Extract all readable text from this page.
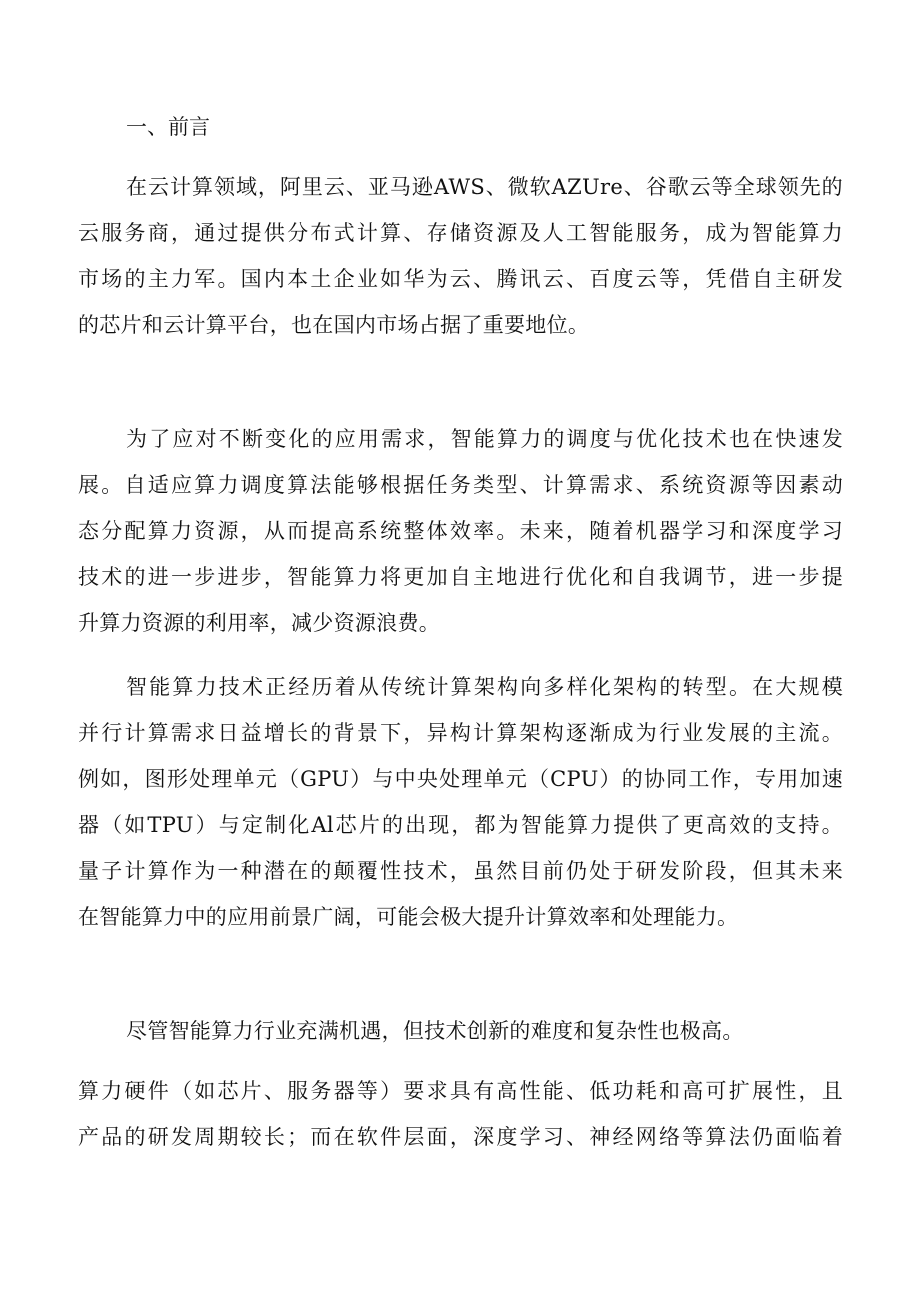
一、前言
在云计算领域，阿里云、亚马逊AWS、微软AZUre、谷歌云等全球领先的
云服务商，通过提供分布式计算、存储资源及人工智能服务，成为智能算力
市场的主力军。国内本土企业如华为云、腾讯云、百度云等，凭借自主研发
的芯片和云计算平台，也在国内市场占据了重要地位。
为了应对不断变化的应用需求，智能算力的调度与优化技术也在快速发
展。自适应算力调度算法能够根据任务类型、计算需求、系统资源等因素动
态分配算力资源，从而提高系统整体效率。未来，随着机器学习和深度学习
技术的进一步进步，智能算力将更加自主地进行优化和自我调节，进一步提
升算力资源的利用率，减少资源浪费。
智能算力技术正经历着从传统计算架构向多样化架构的转型。在大规模
并行计算需求日益增长的背景下，异构计算架构逐渐成为行业发展的主流。
例如，图形处理单元（GPU）与中央处理单元（CPU）的协同工作，专用加速
器（如TPU）与定制化Al芯片的出现，都为智能算力提供了更高效的支持。
量子计算作为一种潜在的颠覆性技术，虽然目前仍处于研发阶段，但其未来
在智能算力中的应用前景广阔，可能会极大提升计算效率和处理能力。
尽管智能算力行业充满机遇，但技术创新的难度和复杂性也极高。
算力硬件（如芯片、服务器等）要求具有高性能、低功耗和高可扩展性，且
产品的研发周期较长；而在软件层面，深度学习、神经网络等算法仍面临着
